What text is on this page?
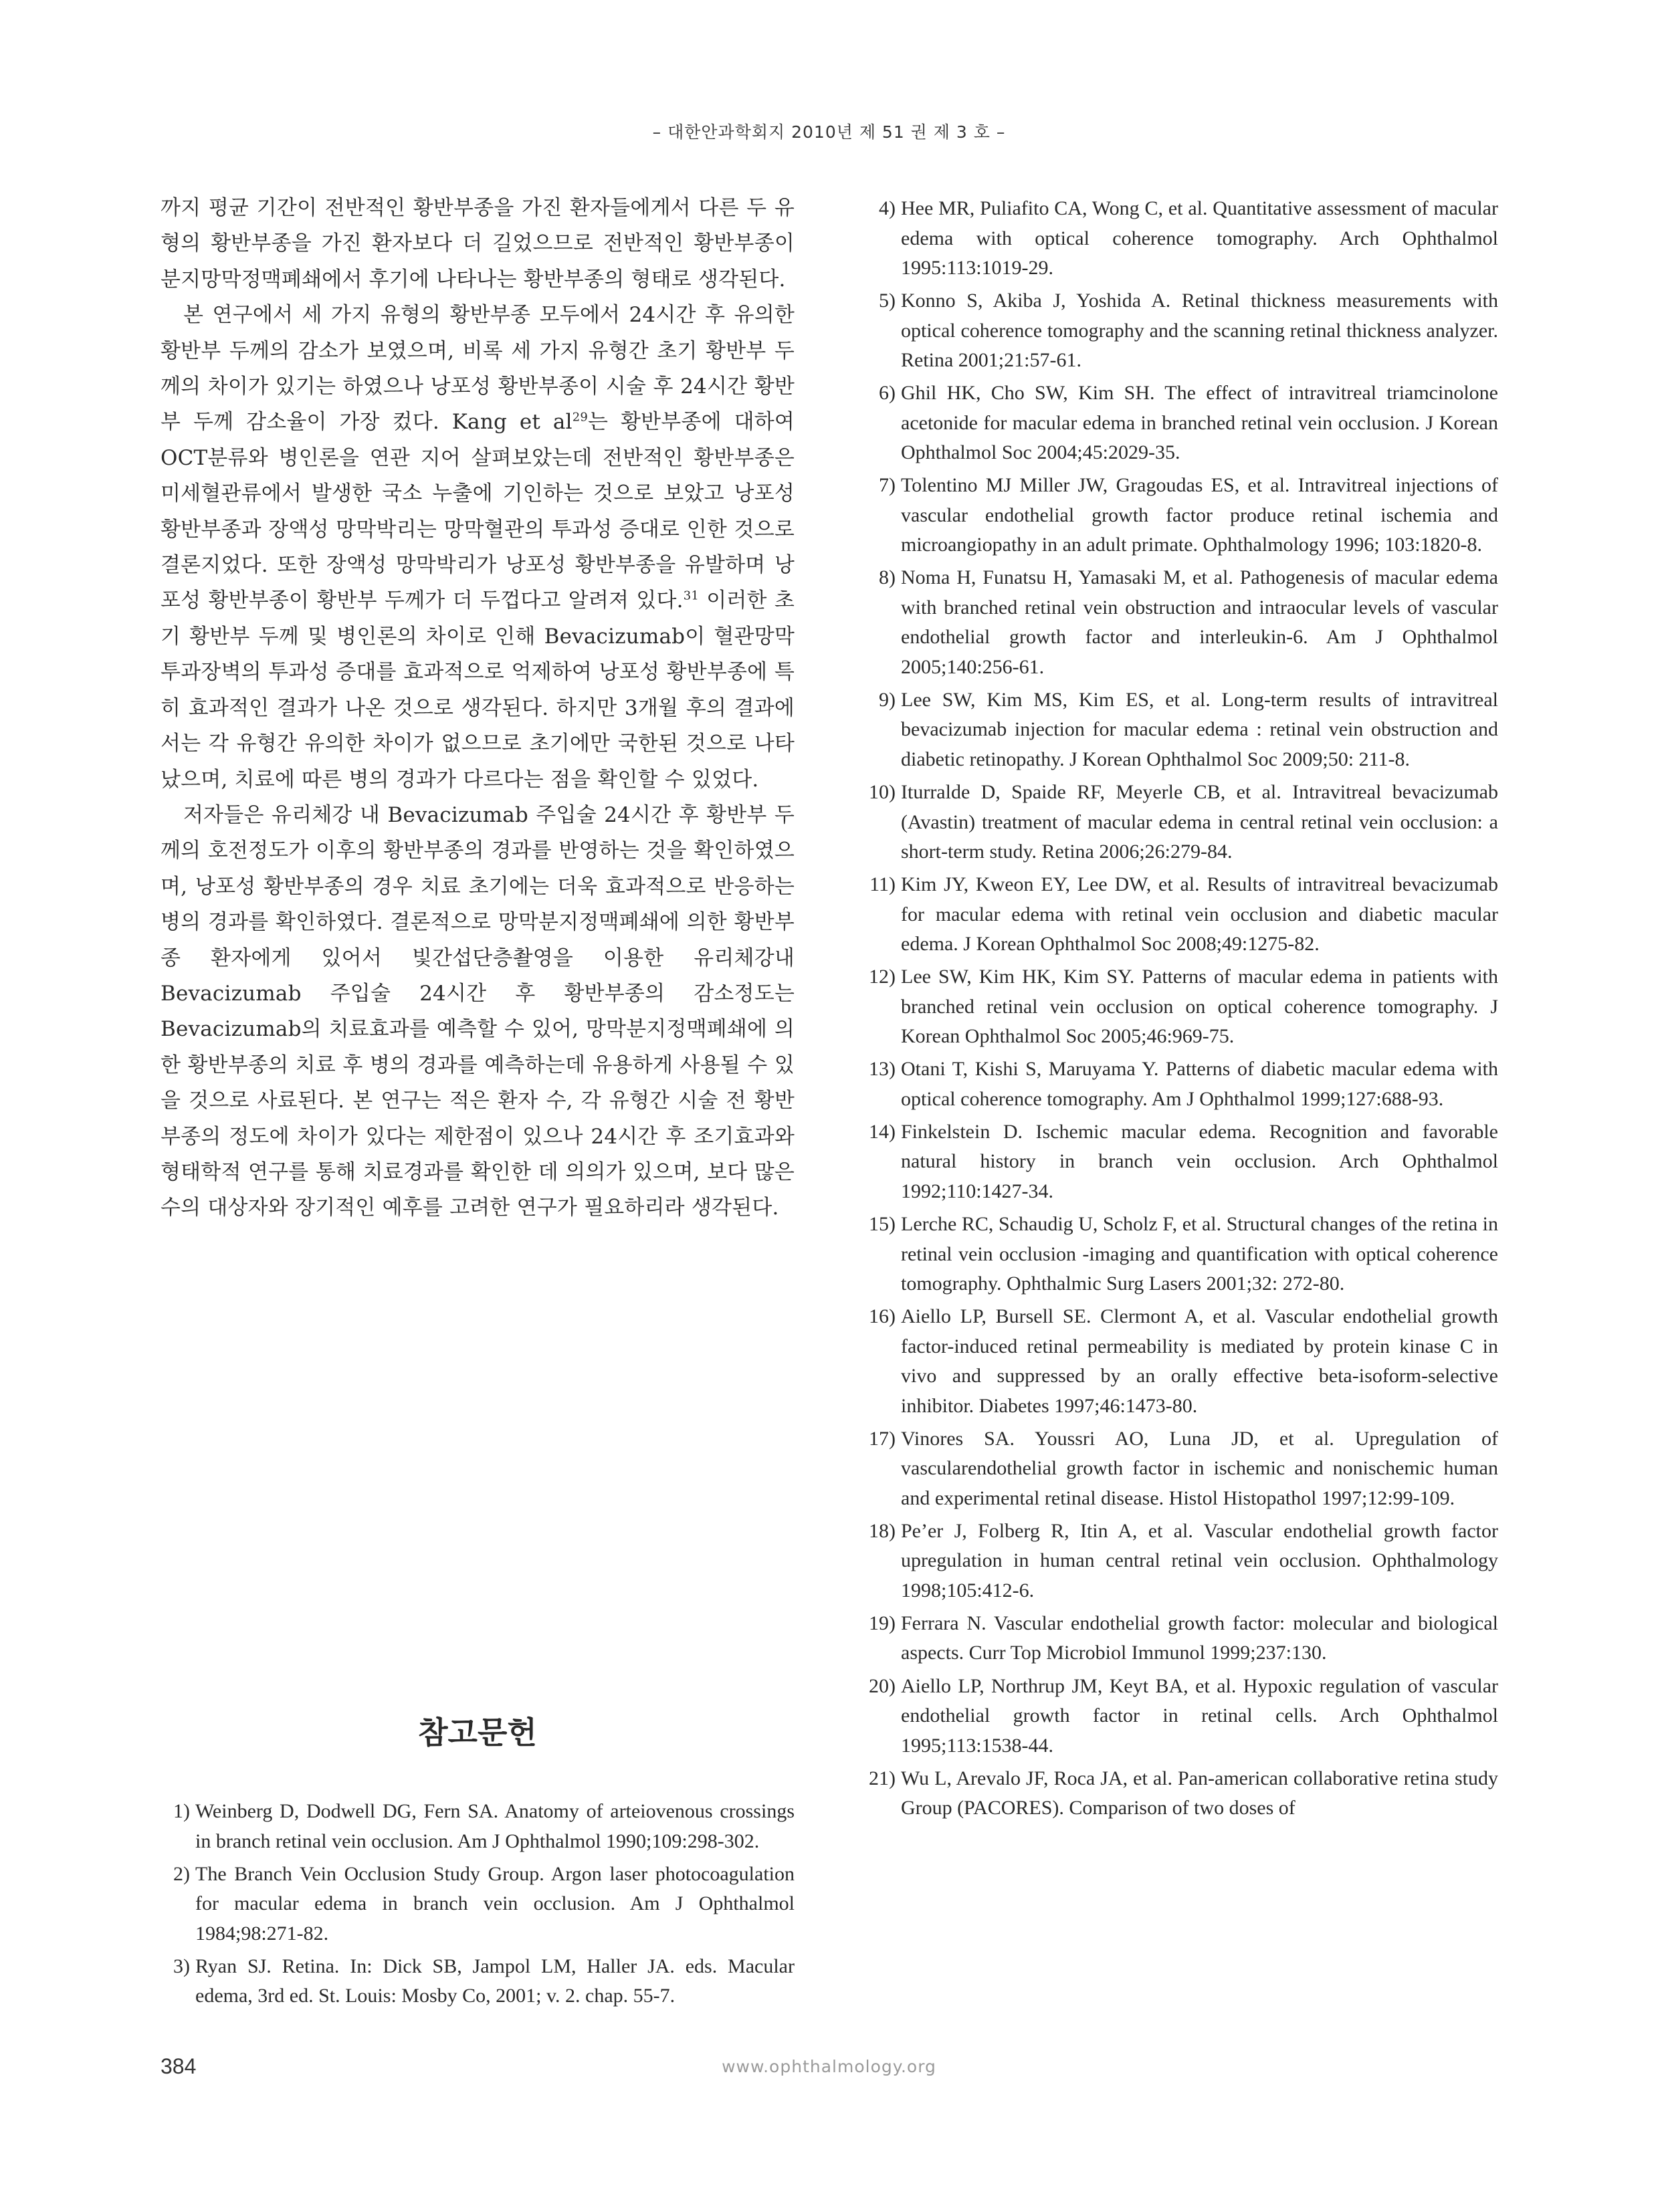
– 대한안과학회지 2010년 제 51 권 제 3 호 –

까지 평균 기간이 전반적인 황반부종을 가진 환자들에게서 다른 두 유형의 황반부종을 가진 환자보다 더 길었으므로 전반적인 황반부종이 분지망막정맥폐쇄에서 후기에 나타나는 황반부종의 형태로 생각된다.

본 연구에서 세 가지 유형의 황반부종 모두에서 24시간 후 유의한 황반부 두께의 감소가 보였으며, 비록 세 가지 유형간 초기 황반부 두께의 차이가 있기는 하였으나 낭포성 황반부종이 시술 후 24시간 황반부 두께 감소율이 가장 컸다. Kang et $al^{29}$는 황반부종에 대하여 OCT분류와 병인론을 연관 지어 살펴보았는데 전반적인 황반부종은 미세혈관류에서 발생한 국소 누출에 기인하는 것으로 보았고 낭포성 황반부종과 장액성 망막박리는 망막혈관의 투과성 증대로 인한 것으로 결론지었다. 또한 장액성 망막박리가 낭포성 황반부종을 유발하며 낭포성 황반부종이 황반부 두께가 더 두껍다고 알려져 있다.$^{31}$ 이러한 초기 황반부 두께 및 병인론의 차이로 인해 Bevacizumab이 혈관망막투과장벽의 투과성 증대를 효과적으로 억제하여 낭포성 황반부종에 특히 효과적인 결과가 나온 것으로 생각된다. 하지만 3개월 후의 결과에서는 각 유형간 유의한 차이가 없으므로 초기에만 국한된 것으로 나타났으며, 치료에 따른 병의 경과가 다르다는 점을 확인할 수 있었다.

저자들은 유리체강 내 Bevacizumab 주입술 24시간 후 황반부 두께의 호전정도가 이후의 황반부종의 경과를 반영하는 것을 확인하였으며, 낭포성 황반부종의 경우 치료 초기에는 더욱 효과적으로 반응하는 병의 경과를 확인하였다. 결론적으로 망막분지정맥폐쇄에 의한 황반부종 환자에게 있어서 빛간섭단층촬영을 이용한 유리체강내 Bevacizumab 주입술 24시간 후 황반부종의 감소정도는 Bevacizumab의 치료효과를 예측할 수 있어, 망막분지정맥폐쇄에 의한 황반부종의 치료 후 병의 경과를 예측하는데 유용하게 사용될 수 있을 것으로 사료된다. 본 연구는 적은 환자 수, 각 유형간 시술 전 황반부종의 정도에 차이가 있다는 제한점이 있으나 24시간 후 조기효과와 형태학적 연구를 통해 치료경과를 확인한 데 의의가 있으며, 보다 많은 수의 대상자와 장기적인 예후를 고려한 연구가 필요하리라 생각된다.

참고문헌
1) Weinberg D, Dodwell DG, Fern SA. Anatomy of arteiovenous crossings in branch retinal vein occlusion. Am J Ophthalmol 1990;109:298-302.
2) The Branch Vein Occlusion Study Group. Argon laser photocoagulation for macular edema in branch vein occlusion. Am J Ophthalmol 1984;98:271-82.
3) Ryan SJ. Retina. In: Dick SB, Jampol LM, Haller JA. eds. Macular edema, 3rd ed. St. Louis: Mosby Co, 2001; v. 2. chap. 55-7.
4) Hee MR, Puliafito CA, Wong C, et al. Quantitative assessment of macular edema with optical coherence tomography. Arch Ophthalmol 1995:113:1019-29.
5) Konno S, Akiba J, Yoshida A. Retinal thickness measurements with optical coherence tomography and the scanning retinal thickness analyzer. Retina 2001;21:57-61.
6) Ghil HK, Cho SW, Kim SH. The effect of intravitreal triamcinolone acetonide for macular edema in branched retinal vein occlusion. J Korean Ophthalmol Soc 2004;45:2029-35.
7) Tolentino MJ Miller JW, Gragoudas ES, et al. Intravitreal injections of vascular endothelial growth factor produce retinal ischemia and microangiopathy in an adult primate. Ophthalmology 1996; 103:1820-8.
8) Noma H, Funatsu H, Yamasaki M, et al. Pathogenesis of macular edema with branched retinal vein obstruction and intraocular levels of vascular endothelial growth factor and interleukin-6. Am J Ophthalmol 2005;140:256-61.
9) Lee SW, Kim MS, Kim ES, et al. Long-term results of intravitreal bevacizumab injection for macular edema : retinal vein obstruction and diabetic retinopathy. J Korean Ophthalmol Soc 2009;50: 211-8.
10) Iturralde D, Spaide RF, Meyerle CB, et al. Intravitreal bevacizumab (Avastin) treatment of macular edema in central retinal vein occlusion: a short-term study. Retina 2006;26:279-84.
11) Kim JY, Kweon EY, Lee DW, et al. Results of intravitreal bevacizumab for macular edema with retinal vein occlusion and diabetic macular edema. J Korean Ophthalmol Soc 2008;49:1275-82.
12) Lee SW, Kim HK, Kim SY. Patterns of macular edema in patients with branched retinal vein occlusion on optical coherence tomography. J Korean Ophthalmol Soc 2005;46:969-75.
13) Otani T, Kishi S, Maruyama Y. Patterns of diabetic macular edema with optical coherence tomography. Am J Ophthalmol 1999;127:688-93.
14) Finkelstein D. Ischemic macular edema. Recognition and favorable natural history in branch vein occlusion. Arch Ophthalmol 1992;110:1427-34.
15) Lerche RC, Schaudig U, Scholz F, et al. Structural changes of the retina in retinal vein occlusion -imaging and quantification with optical coherence tomography. Ophthalmic Surg Lasers 2001;32: 272-80.
16) Aiello LP, Bursell SE. Clermont A, et al. Vascular endothelial growth factor-induced retinal permeability is mediated by protein kinase C in vivo and suppressed by an orally effective beta-isoform-selective inhibitor. Diabetes 1997;46:1473-80.
17) Vinores SA. Youssri AO, Luna JD, et al. Upregulation of vascularendothelial growth factor in ischemic and nonischemic human and experimental retinal disease. Histol Histopathol 1997;12:99-109.
18) Pe’er J, Folberg R, Itin A, et al. Vascular endothelial growth factor upregulation in human central retinal vein occlusion. Ophthalmology 1998;105:412-6.
19) Ferrara N. Vascular endothelial growth factor: molecular and biological aspects. Curr Top Microbiol Immunol 1999;237:130.
20) Aiello LP, Northrup JM, Keyt BA, et al. Hypoxic regulation of vascular endothelial growth factor in retinal cells. Arch Ophthalmol 1995;113:1538-44.
21) Wu L, Arevalo JF, Roca JA, et al. Pan-american collaborative retina study Group (PACORES). Comparison of two doses of
384	www.ophthalmology.org
